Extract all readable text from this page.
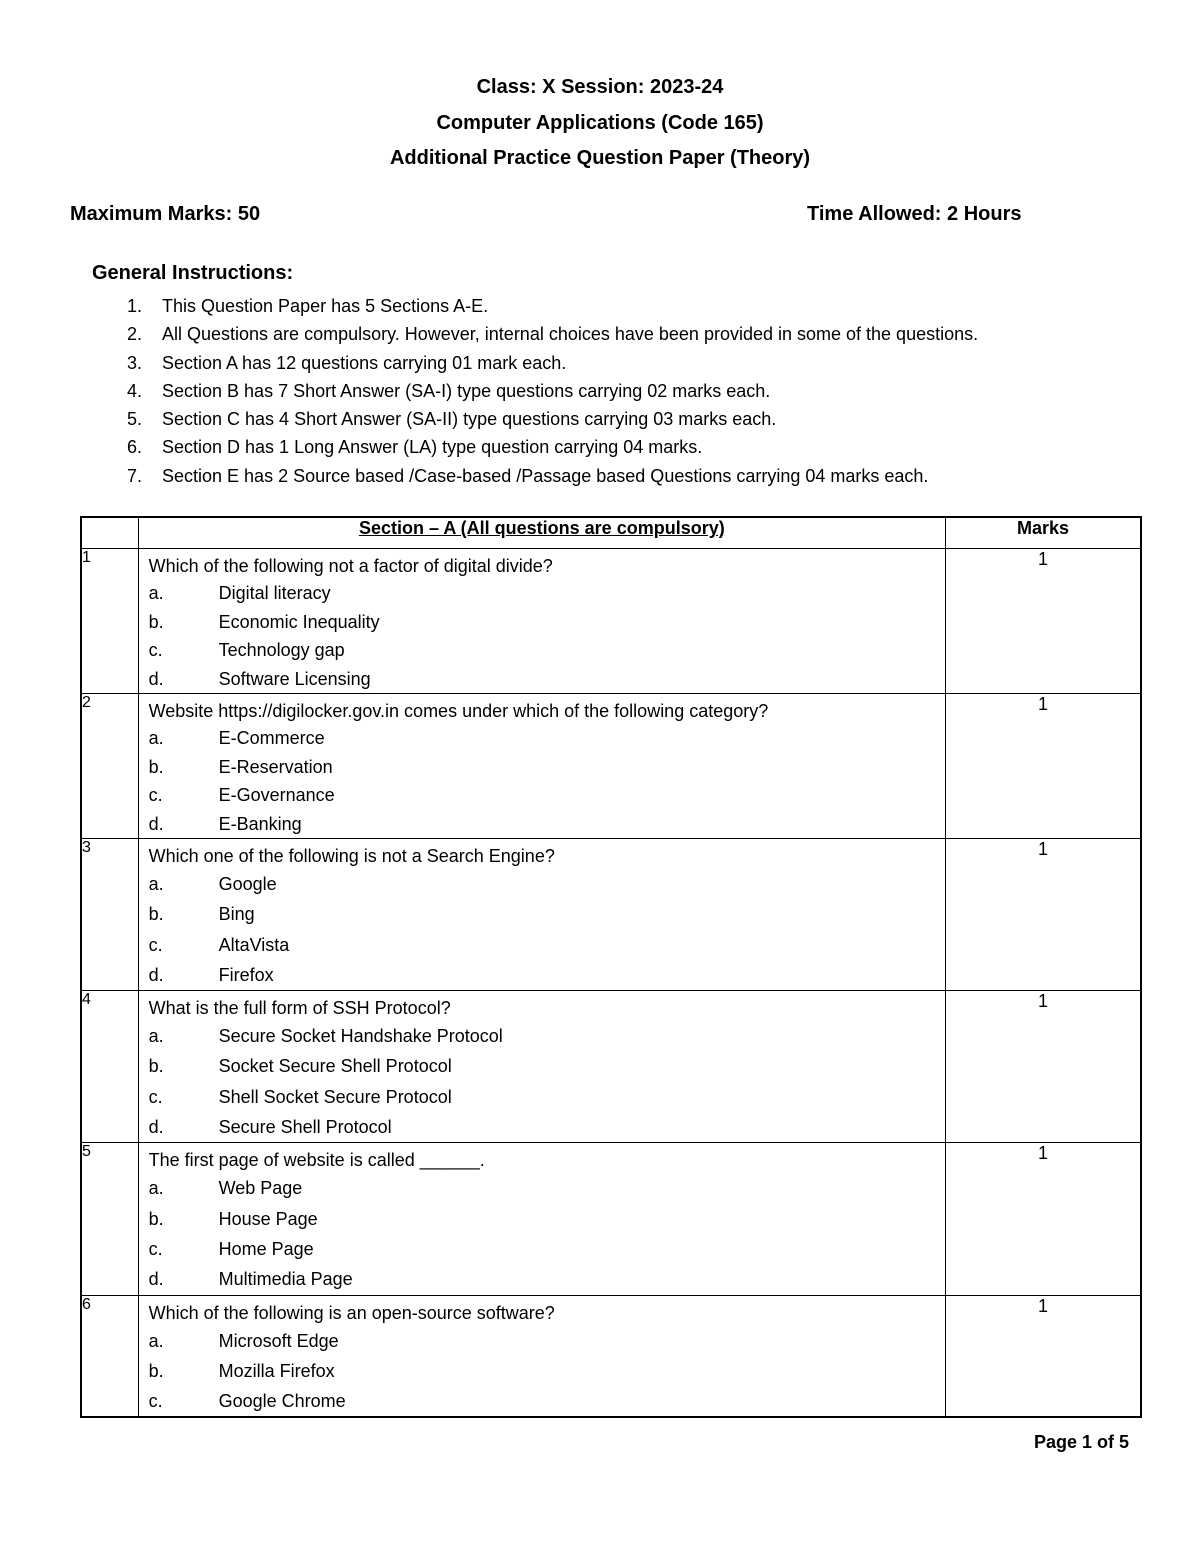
Class: X Session: 2023-24
Computer Applications (Code 165)
Additional Practice Question Paper (Theory)
Maximum Marks: 50	Time Allowed: 2 Hours
General Instructions:
1. This Question Paper has 5 Sections A-E.
2. All Questions are compulsory. However, internal choices have been provided in some of the questions.
3. Section A has 12 questions carrying 01 mark each.
4. Section B has 7 Short Answer (SA-I) type questions carrying 02 marks each.
5. Section C has 4 Short Answer (SA-II) type questions carrying 03 marks each.
6. Section D has 1 Long Answer (LA) type question carrying 04 marks.
7. Section E has 2 Source based /Case-based /Passage based Questions carrying 04 marks each.
	Section – A (All questions are compulsory)	Marks
1	Which of the following not a factor of digital divide?
a. Digital literacy
b. Economic Inequality
c. Technology gap
d. Software Licensing	1
2	Website https://digilocker.gov.in comes under which of the following category?
a. E-Commerce
b. E-Reservation
c. E-Governance
d. E-Banking	1
3	Which one of the following is not a Search Engine?
a. Google
b. Bing
c. AltaVista
d. Firefox	1
4	What is the full form of SSH Protocol?
a. Secure Socket Handshake Protocol
b. Socket Secure Shell Protocol
c. Shell Socket Secure Protocol
d. Secure Shell Protocol	1
5	The first page of website is called ______.
a. Web Page
b. House Page
c. Home Page
d. Multimedia Page	1
6	Which of the following is an open-source software?
a. Microsoft Edge
b. Mozilla Firefox
c. Google Chrome	1
Page 1 of 5
